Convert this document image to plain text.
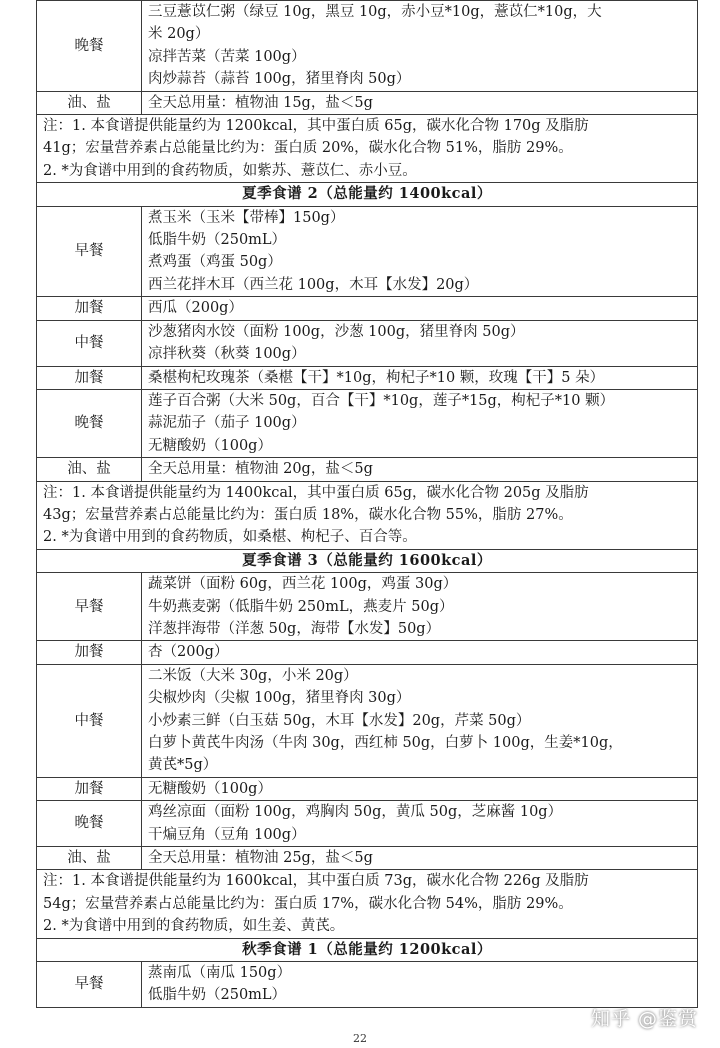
晚餐	三豆薏苡仁粥（绿豆 10g，黑豆 10g，赤小豆*10g，薏苡仁*10g，大
米 20g）
凉拌苦菜（苦菜 100g）
肉炒蒜苔（蒜苔 100g，猪里脊肉 50g）

油、盐	全天总用量：植物油 15g，盐＜5g

注：1. 本食谱提供能量约为 1200kcal，其中蛋白质 65g，碳水化合物 170g 及脂肪
41g；宏量营养素占总能量比约为：蛋白质 20%，碳水化合物 51%，脂肪 29%。
2. *为食谱中用到的食药物质，如紫苏、薏苡仁、赤小豆。	

夏季食谱 2（总能量约 1400kcal）	
早餐	煮玉米（玉米【带棒】150g）
低脂牛奶（250mL）
煮鸡蛋（鸡蛋 50g）
西兰花拌木耳（西兰花 100g，木耳【水发】20g）

加餐	西瓜（200g）

中餐	沙葱猪肉水饺（面粉 100g，沙葱 100g，猪里脊肉 50g）
凉拌秋葵（秋葵 100g）

加餐	桑椹枸杞玫瑰茶（桑椹【干】*10g，枸杞子*10 颗，玫瑰【干】5 朵）

晚餐	莲子百合粥（大米 50g，百合【干】*10g，莲子*15g，枸杞子*10 颗）
蒜泥茄子（茄子 100g）
无糖酸奶（100g）

油、盐	全天总用量：植物油 20g，盐＜5g

注：1. 本食谱提供能量约为 1400kcal，其中蛋白质 65g，碳水化合物 205g 及脂肪
43g；宏量营养素占总能量比约为：蛋白质 18%，碳水化合物 55%，脂肪 27%。
2. *为食谱中用到的食药物质，如桑椹、枸杞子、百合等。	

夏季食谱 3（总能量约 1600kcal）	
早餐	蔬菜饼（面粉 60g，西兰花 100g，鸡蛋 30g）
牛奶燕麦粥（低脂牛奶 250mL，燕麦片 50g）
洋葱拌海带（洋葱 50g，海带【水发】50g）

加餐	杏（200g）

中餐	二米饭（大米 30g，小米 20g）
尖椒炒肉（尖椒 100g，猪里脊肉 30g）
小炒素三鲜（白玉菇 50g，木耳【水发】20g，芹菜 50g）
白萝卜黄芪牛肉汤（牛肉 30g，西红柿 50g，白萝卜 100g，生姜*10g，
黄芪*5g）

加餐	无糖酸奶（100g）

晚餐	鸡丝凉面（面粉 100g，鸡胸肉 50g，黄瓜 50g，芝麻酱 10g）
干煸豆角（豆角 100g）

油、盐	全天总用量：植物油 25g，盐＜5g

注：1. 本食谱提供能量约为 1600kcal，其中蛋白质 73g，碳水化合物 226g 及脂肪
54g；宏量营养素占总能量比约为：蛋白质 17%，碳水化合物 54%，脂肪 29%。
2. *为食谱中用到的食药物质，如生姜、黄芪。	

秋季食谱 1（总能量约 1200kcal）	
早餐	蒸南瓜（南瓜 150g）
低脂牛奶（250mL）
22
知乎 @鉴赏
